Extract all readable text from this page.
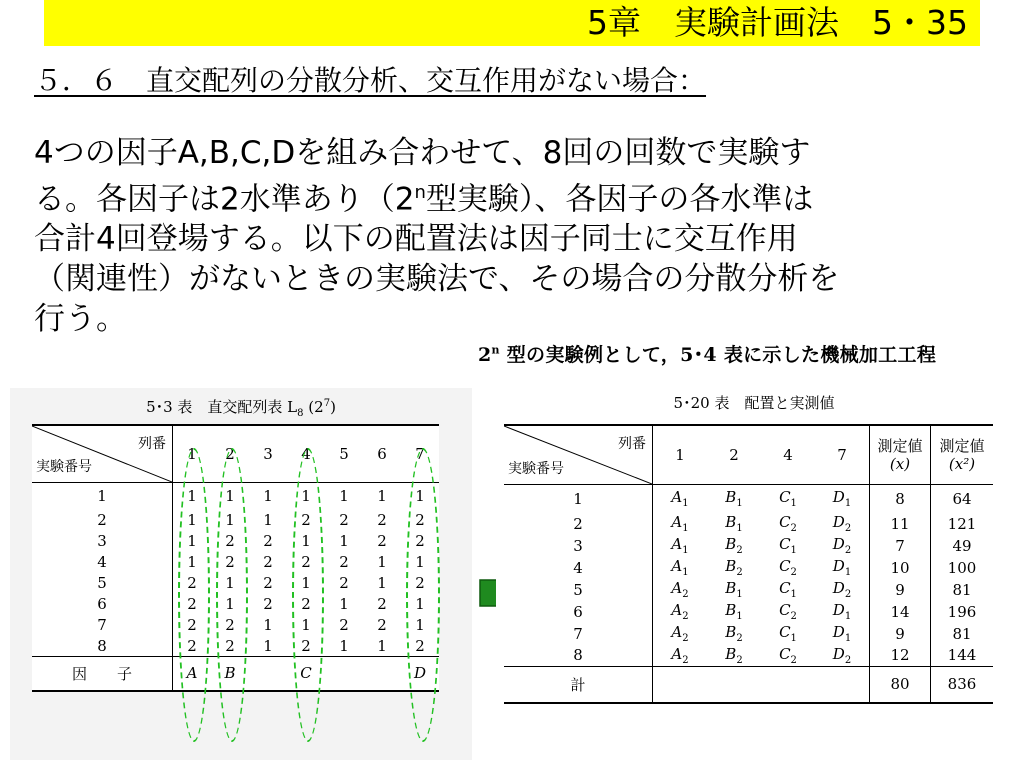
5章　実験計画法　5・35
５．６　直交配列の分散分析、交互作用がない場合：

4つの因子A,B,C,Dを組み合わせて、8回の回数で実験す
る。各因子は2水準あり（2$^n$型実験）、各因子の各水準は
合計4回登場する。以下の配置法は因子同士に交互作用
（関連性）がないときの実験法で、その場合の分散分析を
行う。

2$^n$ 型の実験例として，5･4 表に示した機械加工工程
5･3 表　直交配列表 $L_8$ $(2^7)$
列番
実験番号	1	2	3	4	5	6	7
1	1	1	1	1	1	1	1
2	1	1	1	2	2	2	2
3	1	2	2	1	1	2	2
4	1	2	2	2	2	1	1
5	2	1	2	1	2	1	2
6	2	1	2	2	1	2	1
7	2	2	1	1	2	2	1
8	2	2	1	2	1	1	2
因　　子	A	B		C			D
5･20 表　配置と実測値
列番
実験番号	1	2	4	7	測定値
(x)	測定値
(x²)
1	$A_1$	$B_1$	$C_1$	$D_1$	8	64
2	$A_1$	$B_1$	$C_2$	$D_2$	11	121
3	$A_1$	$B_2$	$C_1$	$D_2$	7	49
4	$A_1$	$B_2$	$C_2$	$D_1$	10	100
5	$A_2$	$B_1$	$C_1$	$D_2$	9	81
6	$A_2$	$B_1$	$C_2$	$D_1$	14	196
7	$A_2$	$B_2$	$C_1$	$D_1$	9	81
8	$A_2$	$B_2$	$C_2$	$D_2$	12	144
計					80	836
